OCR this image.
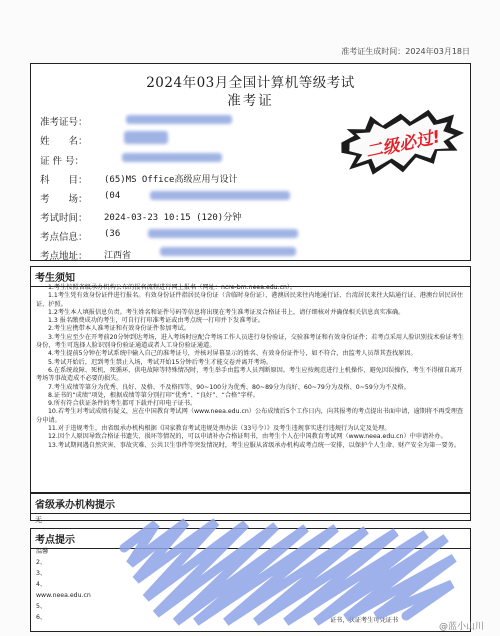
准考证生成时间：2024年03月18日
2024年03月全国计算机等级考试
准考证
准考证号：
姓　　名：
证 件 号：
科　　目：	(65)MS Office高级应用与设计
考　　场：	(04
考试时间：	2024-03-23 10:15 (120)分钟
考点信息：	(36
考点地址：	江西省
二级必过!
考生须知

1.考生按照省级承办机构公布的报名流程进行网上报名（网址：ncre-bm.neea.edu.cn）。

1.1考生凭有效身份证件进行报名。有效身份证件指居民身份证（含临时身份证）、港澳居民来往内地通行证、台湾居民来往大陆通行证、港澳台居民居住证、护照。

1.2考生本人填报信息负责。考生姓名和证件号码等信息将出现在考生准考证及合格证书上，请仔细核对并确保相关信息真实准确。

1.3 报名缴费成功的考生，可自行打印准考证或由考点统一打印并下发准考证。

2.考生应携带本人准考证和有效身份证件参加考试。

3.考生应至少在开考前20分钟到达考场，进入考场时应配合考场工作人员进行身份验证，交验准考证和有效身份证件；若考点采用人脸识别技术验证考生身份，考生可选择人脸识别身份验证通道或者人工身份验证通道。

4.考生提前5分钟在考试系统中输入自己的准考证号，并核对屏幕显示的姓名、有效身份证件号，如不符合，由监考人员帮其查找原因。

5.考试开始后，迟到考生禁止入场，考试开始15分钟后考生才能交卷并离开考场。

6.在系统故障、死机、死循环、供电故障等特殊情况时，考生举手由监考人员判断原因。考生应按规范进行上机操作，避免因误操作，考生不得擅自离开考场等事故造成不必要的损失。

7.考生成绩等第分为优秀、良好、及格、不及格四等，90~100分为优秀、80~89分为良好、60~79分为及格、0~59分为不及格。

8.证书的“成绩”项处，根据成绩等第分别打印“优秀”、“良好”、“合格”字样。

9.所有符合获证条件的考生都可下载并打印电子证书。

10.若考生对考试成绩有疑义，应在中国教育考试网（www.neea.edu.cn）公布成绩后5个工作日内，向其报考的考点提出书面申请，逾期将不再受理查分申请。

11.对于违规考生，由省级承办机构根据《国家教育考试违规处理办法（33号令）》及考生违规事实进行违规行为认定及处理。

12.因个人原因导致合格证书遗失、损坏等情况的，可以申请补办合格证明书，由考生个人在中国教育考试网（www.neea.edu.cn）中申请补办。

13.考试期间遇自然灾害、事故灾难、公共卫生事件等突发情况时，考生应服从省级承办机构或考点统一安排，以保护个人生命、财产安全为第一要务。

省级承办机构提示
无
考点提示
温馨
2、
3、
4、
www.neea.edu.cn
5、
6、	证书，获证考生可凭证书
@蓝小山川
